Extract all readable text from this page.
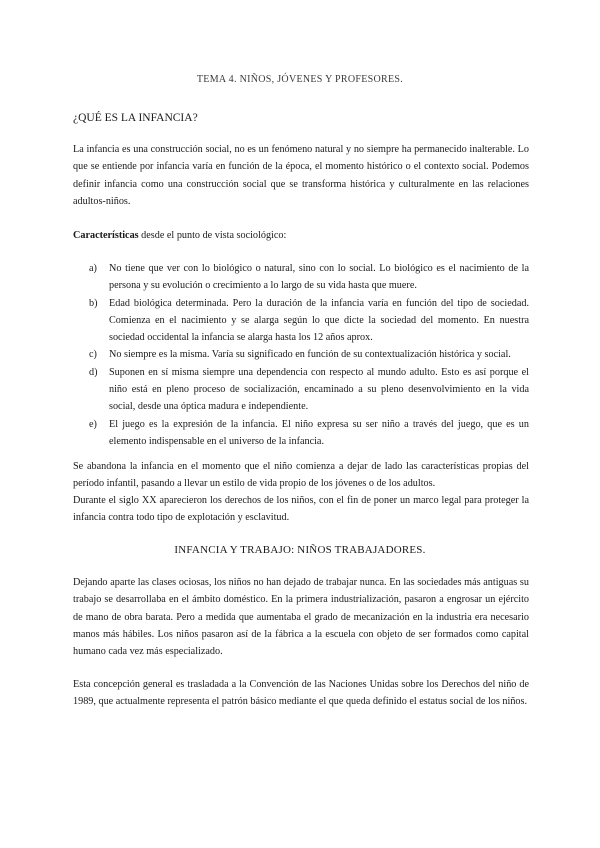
TEMA 4. NIÑOS, JÓVENES Y PROFESORES.
¿QUÉ ES LA INFANCIA?

La infancia es una construcción social, no es un fenómeno natural y no siempre ha permanecido inalterable. Lo que se entiende por infancia varía en función de la época, el momento histórico o el contexto social. Podemos definir infancia como una construcción social que se transforma histórica y culturalmente en las relaciones adultos-niños.

Características desde el punto de vista sociológico:

a) No tiene que ver con lo biológico o natural, sino con lo social. Lo biológico es el nacimiento de la persona y su evolución o crecimiento a lo largo de su vida hasta que muere.
b) Edad biológica determinada. Pero la duración de la infancia varía en función del tipo de sociedad. Comienza en el nacimiento y se alarga según lo que dicte la sociedad del momento. En nuestra sociedad occidental la infancia se alarga hasta los 12 años aprox.
c) No siempre es la misma. Varía su significado en función de su contextualización histórica y social.
d) Suponen en sí misma siempre una dependencia con respecto al mundo adulto. Esto es así porque el niño está en pleno proceso de socialización, encaminado a su pleno desenvolvimiento en la vida social, desde una óptica madura e independiente.
e) El juego es la expresión de la infancia. El niño expresa su ser niño a través del juego, que es un elemento indispensable en el universo de la infancia.

Se abandona la infancia en el momento que el niño comienza a dejar de lado las características propias del período infantil, pasando a llevar un estilo de vida propio de los jóvenes o de los adultos.

Durante el siglo XX aparecieron los derechos de los niños, con el fin de poner un marco legal para proteger la infancia contra todo tipo de explotación y esclavitud.

INFANCIA Y TRABAJO: NIÑOS TRABAJADORES.

Dejando aparte las clases ociosas, los niños no han dejado de trabajar nunca. En las sociedades más antiguas su trabajo se desarrollaba en el ámbito doméstico. En la primera industrialización, pasaron a engrosar un ejército de mano de obra barata. Pero a medida que aumentaba el grado de mecanización en la industria era necesario manos más hábiles. Los niños pasaron así de la fábrica a la escuela con objeto de ser formados como capital humano cada vez más especializado.

Esta concepción general es trasladada a la Convención de las Naciones Unidas sobre los Derechos del niño de 1989, que actualmente representa el patrón básico mediante el que queda definido el estatus social de los niños.
